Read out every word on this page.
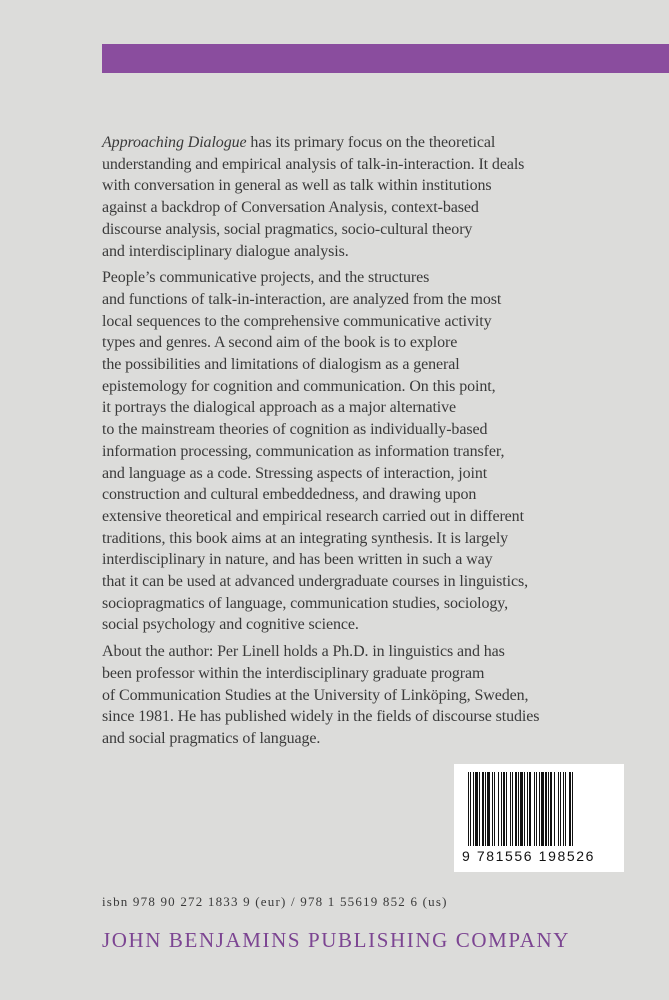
Approaching Dialogue has its primary focus on the theoretical
understanding and empirical analysis of talk-in-interaction. It deals
with conversation in general as well as talk within institutions
against a backdrop of Conversation Analysis, context-based
discourse analysis, social pragmatics, socio-cultural theory
and interdisciplinary dialogue analysis.

People’s communicative projects, and the structures
and functions of talk-in-interaction, are analyzed from the most
local sequences to the comprehensive communicative activity
types and genres. A second aim of the book is to explore
the possibilities and limitations of dialogism as a general
epistemology for cognition and communication. On this point,
it portrays the dialogical approach as a major alternative
to the mainstream theories of cognition as individually-based
information processing, communication as information transfer,
and language as a code. Stressing aspects of interaction, joint
construction and cultural embeddedness, and drawing upon
extensive theoretical and empirical research carried out in different
traditions, this book aims at an integrating synthesis. It is largely
interdisciplinary in nature, and has been written in such a way
that it can be used at advanced undergraduate courses in linguistics,
sociopragmatics of language, communication studies, sociology,
social psychology and cognitive science.

About the author: Per Linell holds a Ph.D. in linguistics and has
been professor within the interdisciplinary graduate program
of Communication Studies at the University of Linköping, Sweden,
since 1981. He has published widely in the fields of discourse studies
and social pragmatics of language.

9 781556 198526
isbn 978 90 272 1833 9 (eur) / 978 1 55619 852 6 (us)
JOHN BENJAMINS PUBLISHING COMPANY
